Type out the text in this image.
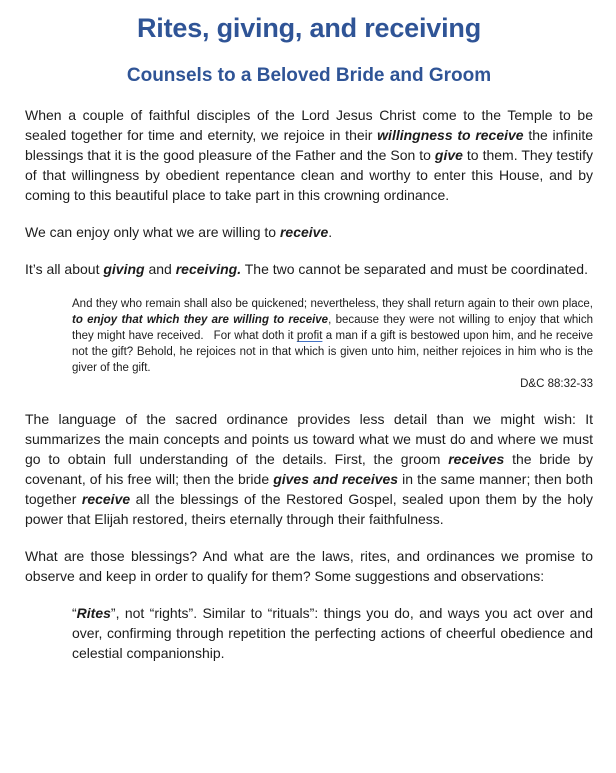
Rites, giving, and receiving
Counsels to a Beloved Bride and Groom

When a couple of faithful disciples of the Lord Jesus Christ come to the Temple to be sealed together for time and eternity, we rejoice in their willingness to receive the infinite blessings that it is the good pleasure of the Father and the Son to give to them. They testify of that willingness by obedient repentance clean and worthy to enter this House, and by coming to this beautiful place to take part in this crowning ordinance.

We can enjoy only what we are willing to receive.

It’s all about giving and receiving. The two cannot be separated and must be coordinated.

And they who remain shall also be quickened; nevertheless, they shall return again to their own place, to enjoy that which they are willing to receive, because they were not willing to enjoy that which they might have received.   For what doth it profit a man if a gift is bestowed upon him, and he receive not the gift? Behold, he rejoices not in that which is given unto him, neither rejoices in him who is the giver of the gift.

D&C 88:32-33

The language of the sacred ordinance provides less detail than we might wish: It summarizes the main concepts and points us toward what we must do and where we must go to obtain full understanding of the details. First, the groom receives the bride by covenant, of his free will; then the bride gives and receives in the same manner; then both together receive all the blessings of the Restored Gospel, sealed upon them by the holy power that Elijah restored, theirs eternally through their faithfulness.

What are those blessings? And what are the laws, rites, and ordinances we promise to observe and keep in order to qualify for them? Some suggestions and observations:

“Rites”, not “rights”. Similar to “rituals”: things you do, and ways you act over and over, confirming through repetition the perfecting actions of cheerful obedience and celestial companionship.
